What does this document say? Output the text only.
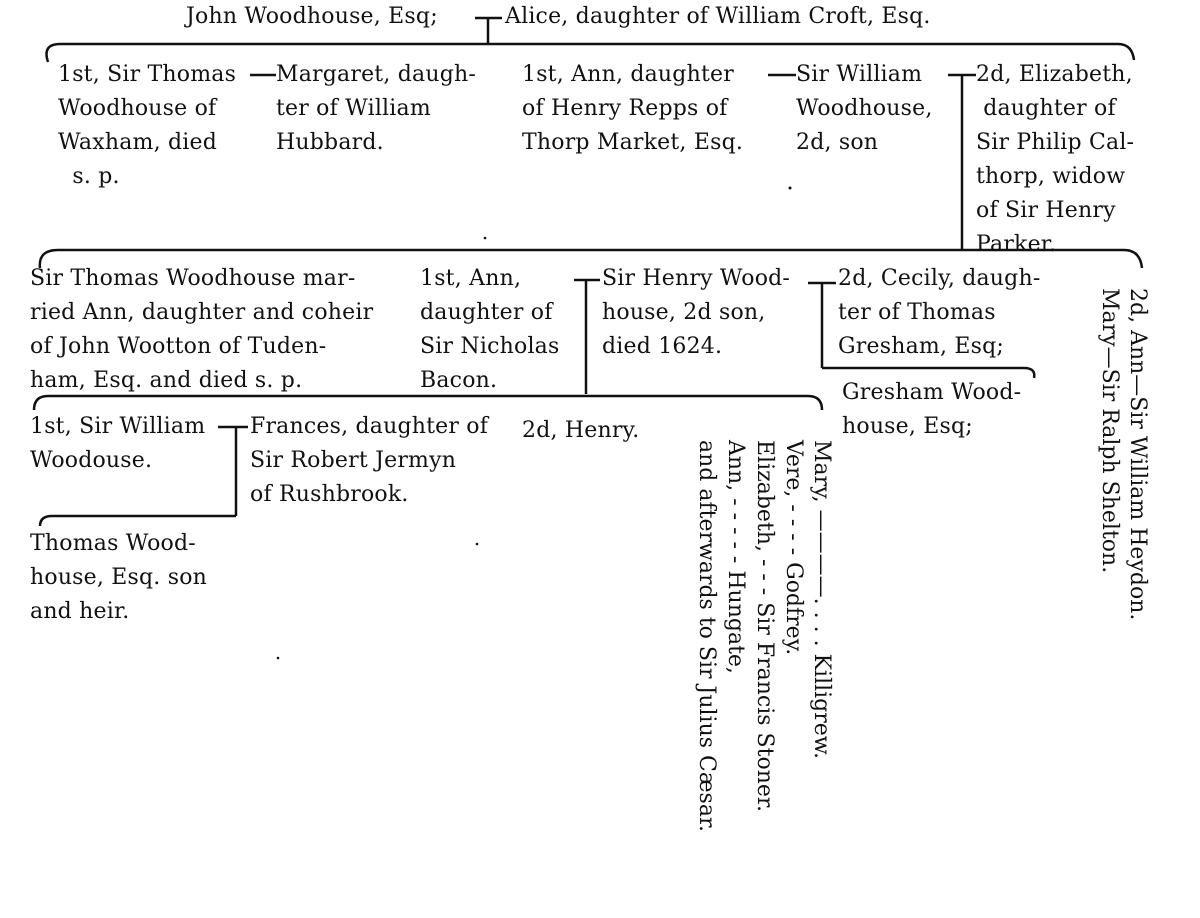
John Woodhouse, Esq;	Alice, daughter of William Croft, Esq.
1st, Sir Thomas
Woodhouse of
Waxham, died
s. p.
Margaret, daugh-
ter of William
Hubbard.
1st, Ann, daughter
of Henry Repps of
Thorp Market, Esq.
Sir William
Woodhouse,
2d, son
2d, Elizabeth,
daughter of
Sir Philip Cal-
thorp, widow
of Sir Henry
Parker.
Sir Thomas Woodhouse mar-
ried Ann, daughter and coheir
of John Wootton of Tuden-
ham, Esq. and died s. p.
1st, Ann,
daughter of
Sir Nicholas
Bacon.
Sir Henry Wood-
house, 2d son,
died 1624.
2d, Cecily, daugh-
ter of Thomas
Gresham, Esq;
Gresham Wood-
house, Esq;
1st, Sir William
Woodouse.
Frances, daughter of
Sir Robert Jermyn
of Rushbrook.
2d, Henry.
Thomas Wood-
house, Esq. son
and heir.	Mary, ————. . . . Killigrew.
Vere, - - - - Godfrey.
Elizabeth, - - - Sir Francis Stoner.
Ann, - - - - - Hungate,
and afterwards to Sir Julius Cæsar.	2d, Ann—Sir William Heydon.
Mary—Sir Ralph Shelton.
